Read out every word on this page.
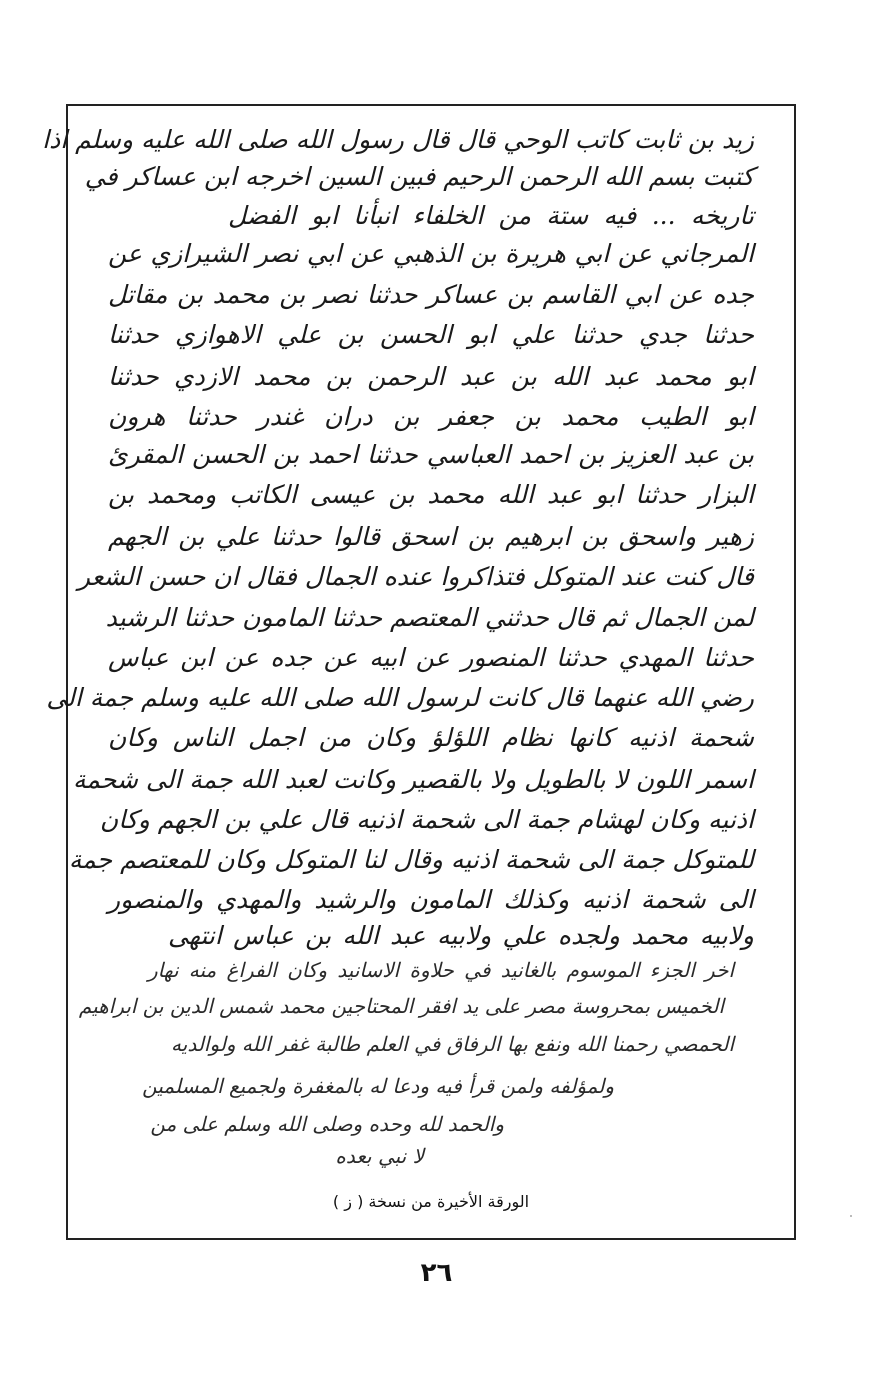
زيد بن ثابت كاتب الوحي قال قال رسول الله صلى الله عليه وسلم اذا
كتبت بسم الله الرحمن الرحيم فبين السين اخرجه ابن عساكر في
تاريخه ... فيه ستة من الخلفاء انبأنا ابو الفضل
المرجاني عن ابي هريرة بن الذهبي عن ابي نصر الشيرازي عن
جده عن ابي القاسم بن عساكر حدثنا نصر بن محمد بن مقاتل
حدثنا جدي حدثنا علي ابو الحسن بن علي الاهوازي حدثنا
ابو محمد عبد الله بن عبد الرحمن بن محمد الازدي حدثنا
ابو الطيب محمد بن جعفر بن دران غندر حدثنا هرون
بن عبد العزيز بن احمد العباسي حدثنا احمد بن الحسن المقرئ
البزار حدثنا ابو عبد الله محمد بن عيسى الكاتب ومحمد بن
زهير واسحق بن ابرهيم بن اسحق قالوا حدثنا علي بن الجهم
قال كنت عند المتوكل فتذاكروا عنده الجمال فقال ان حسن الشعر
لمن الجمال ثم قال حدثني المعتصم حدثنا المامون حدثنا الرشيد
حدثنا المهدي حدثنا المنصور عن ابيه عن جده عن ابن عباس
رضي الله عنهما قال كانت لرسول الله صلى الله عليه وسلم جمة الى
شحمة اذنيه كانها نظام اللؤلؤ وكان من اجمل الناس وكان
اسمر اللون لا بالطويل ولا بالقصير وكانت لعبد الله جمة الى شحمة
اذنيه وكان لهشام جمة الى شحمة اذنيه قال علي بن الجهم وكان
للمتوكل جمة الى شحمة اذنيه وقال لنا المتوكل وكان للمعتصم جمة
الى شحمة اذنيه وكذلك المامون والرشيد والمهدي والمنصور
ولابيه محمد ولجده علي ولابيه عبد الله بن عباس انتهى
اخر الجزء الموسوم بالغانيد في حلاوة الاسانيد وكان الفراغ منه نهار
الخميس بمحروسة مصر على يد افقر المحتاجين محمد شمس الدين بن ابراهيم
الحمصي رحمنا الله ونفع بها الرفاق في العلم طالبة غفر الله ولوالديه
ولمؤلفه ولمن قرأ فيه ودعا له بالمغفرة ولجميع المسلمين
والحمد لله وحده وصلى الله وسلم على من
لا نبي بعده
الورقة الأخيرة من نسخة ( ز )
٢٦
